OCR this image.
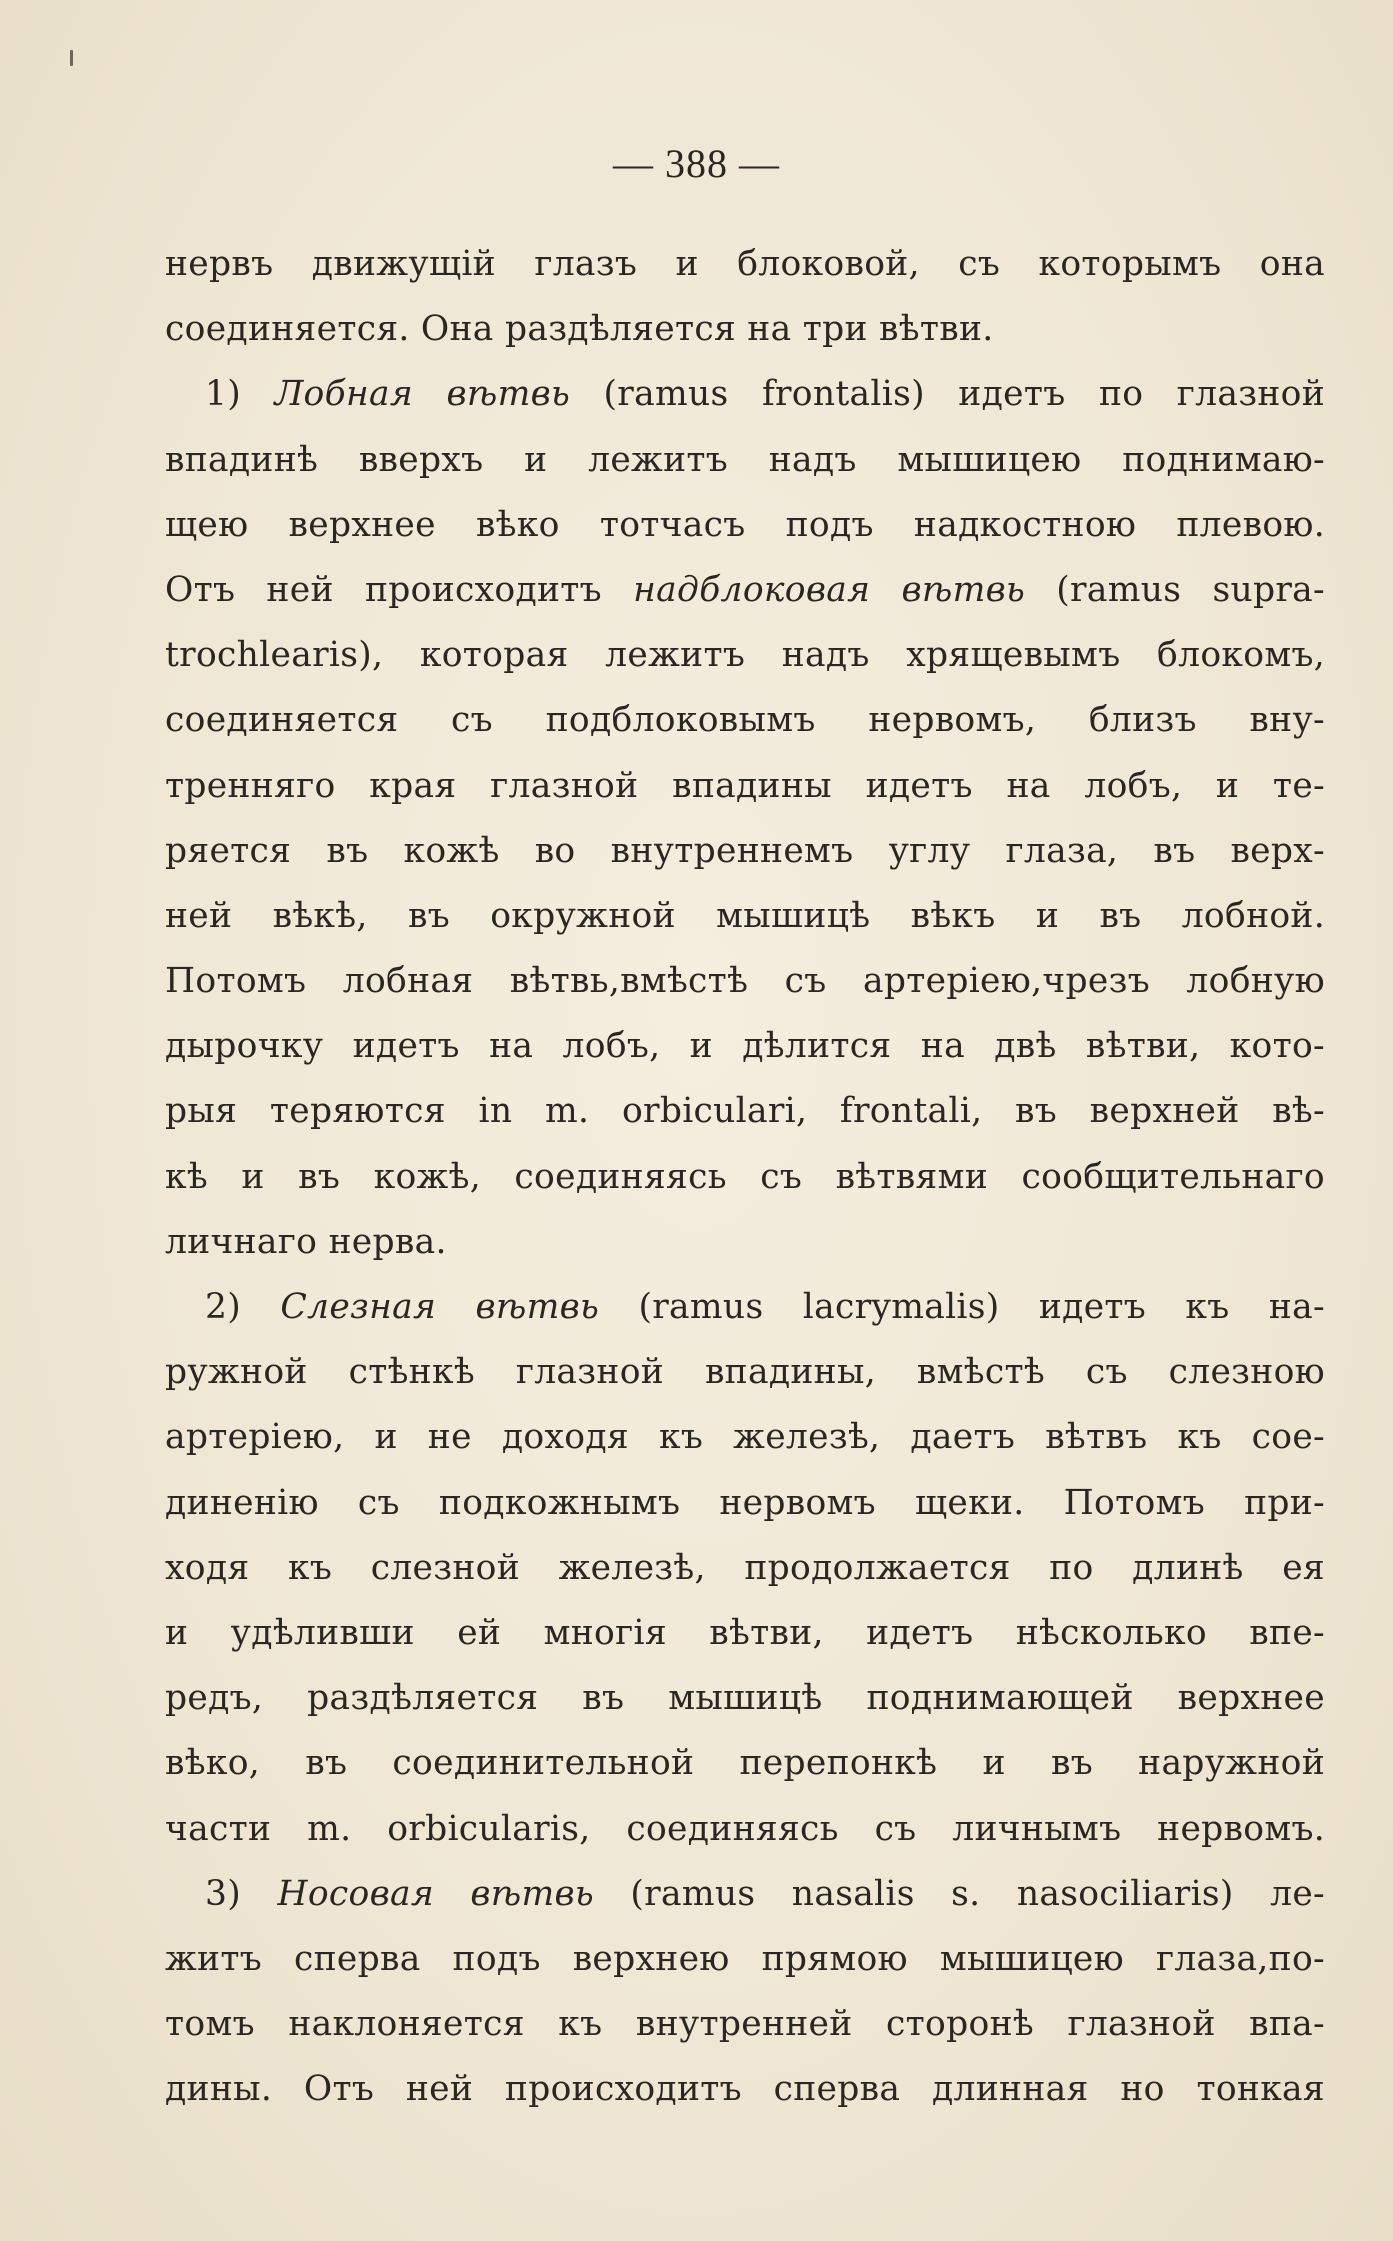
— 388 —
нервъ движущій глазъ и блоковой, съ которымъ она
соединяется. Она раздѣляется на три вѣтви.
1) Лобная вѣтвь (ramus frontalis) идетъ по глазной
впадинѣ вверхъ и лежитъ надъ мышицею поднимаю-
щею верхнее вѣко тотчасъ подъ надкостною плевою.
Отъ ней происходитъ надблоковая вѣтвь (ramus supra-
trochlearis), которая лежитъ надъ хрящевымъ блокомъ,
соединяется съ подблоковымъ нервомъ, близъ вну-
тренняго края глазной впадины идетъ на лобъ, и те-
ряется въ кожѣ во внутреннемъ углу глаза, въ верх-
ней вѣкѣ, въ окружной мышицѣ вѣкъ и въ лобной.
Потомъ лобная вѣтвь,вмѣстѣ съ артеріею,чрезъ лобную
дырочку идетъ на лобъ, и дѣлится на двѣ вѣтви, кото-
рыя теряются in m. orbiculari, frontali, въ верхней вѣ-
кѣ и въ кожѣ, соединяясь съ вѣтвями сообщительнаго
личнаго нерва.
2) Слезная вѣтвь (ramus lacrymalis) идетъ къ на-
ружной стѣнкѣ глазной впадины, вмѣстѣ съ слезною
артеріею, и не доходя къ железѣ, даетъ вѣтвъ къ сое-
диненію съ подкожнымъ нервомъ щеки. Потомъ при-
ходя къ слезной железѣ, продолжается по длинѣ ея
и удѣливши ей многія вѣтви, идетъ нѣсколько впе-
редъ, раздѣляется въ мышицѣ поднимающей верхнее
вѣко, въ соединительной перепонкѣ и въ наружной
части m. orbicularis, соединяясь съ личнымъ нервомъ.
3) Носовая вѣтвь (ramus nasalis s. nasociliaris) ле-
житъ сперва подъ верхнею прямою мышицею глаза,по-
томъ наклоняется къ внутренней сторонѣ глазной впа-
дины. Отъ ней происходитъ сперва длинная но тонкая
